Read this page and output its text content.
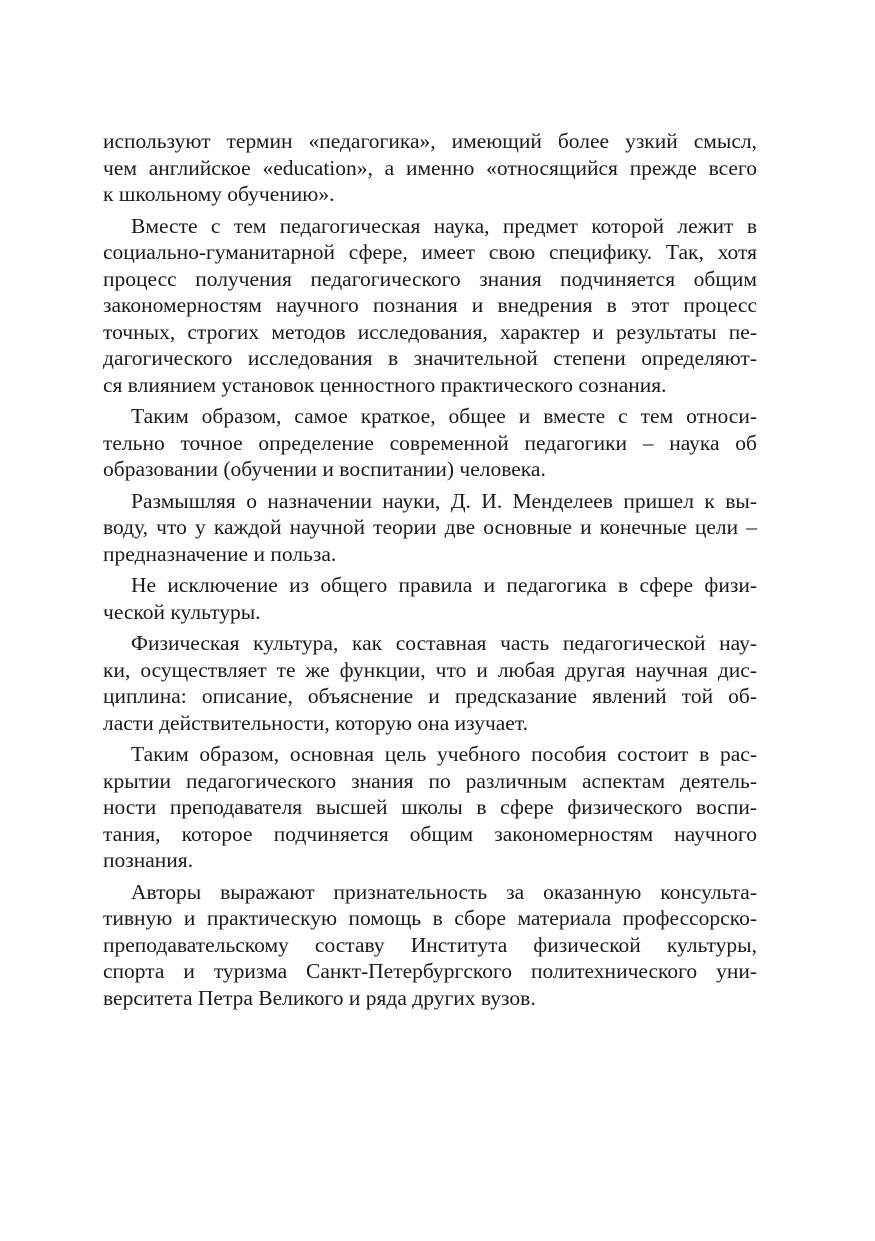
используют термин «педагогика», имеющий более узкий смысл,
чем английское «education», а именно «относящийся прежде всего
к школьному обучению».

Вместе с тем педагогическая наука, предмет которой лежит в
социально-гуманитарной сфере, имеет свою специфику. Так, хотя
процесс получения педагогического знания подчиняется общим
закономерностям научного познания и внедрения в этот процесс
точных, строгих методов исследования, характер и результаты пе-
дагогического исследования в значительной степени определяют-
ся влиянием установок ценностного практического сознания.

Таким образом, самое краткое, общее и вместе с тем относи-
тельно точное определение современной педагогики – наука об
образовании (обучении и воспитании) человека.

Размышляя о назначении науки, Д. И. Менделеев пришел к вы-
воду, что у каждой научной теории две основные и конечные цели –
предназначение и польза.

Не исключение из общего правила и педагогика в сфере физи-
ческой культуры.

Физическая культура, как составная часть педагогической нау-
ки, осуществляет те же функции, что и любая другая научная дис-
циплина: описание, объяснение и предсказание явлений той об-
ласти действительности, которую она изучает.

Таким образом, основная цель учебного пособия состоит в рас-
крытии педагогического знания по различным аспектам деятель-
ности преподавателя высшей школы в сфере физического воспи-
тания, которое подчиняется общим закономерностям научного
познания.

Авторы выражают признательность за оказанную консульта-
тивную и практическую помощь в сборе материала профессорско-
преподавательскому составу Института физической культуры,
спорта и туризма Санкт-Петербургского политехнического уни-
верситета Петра Великого и ряда других вузов.
